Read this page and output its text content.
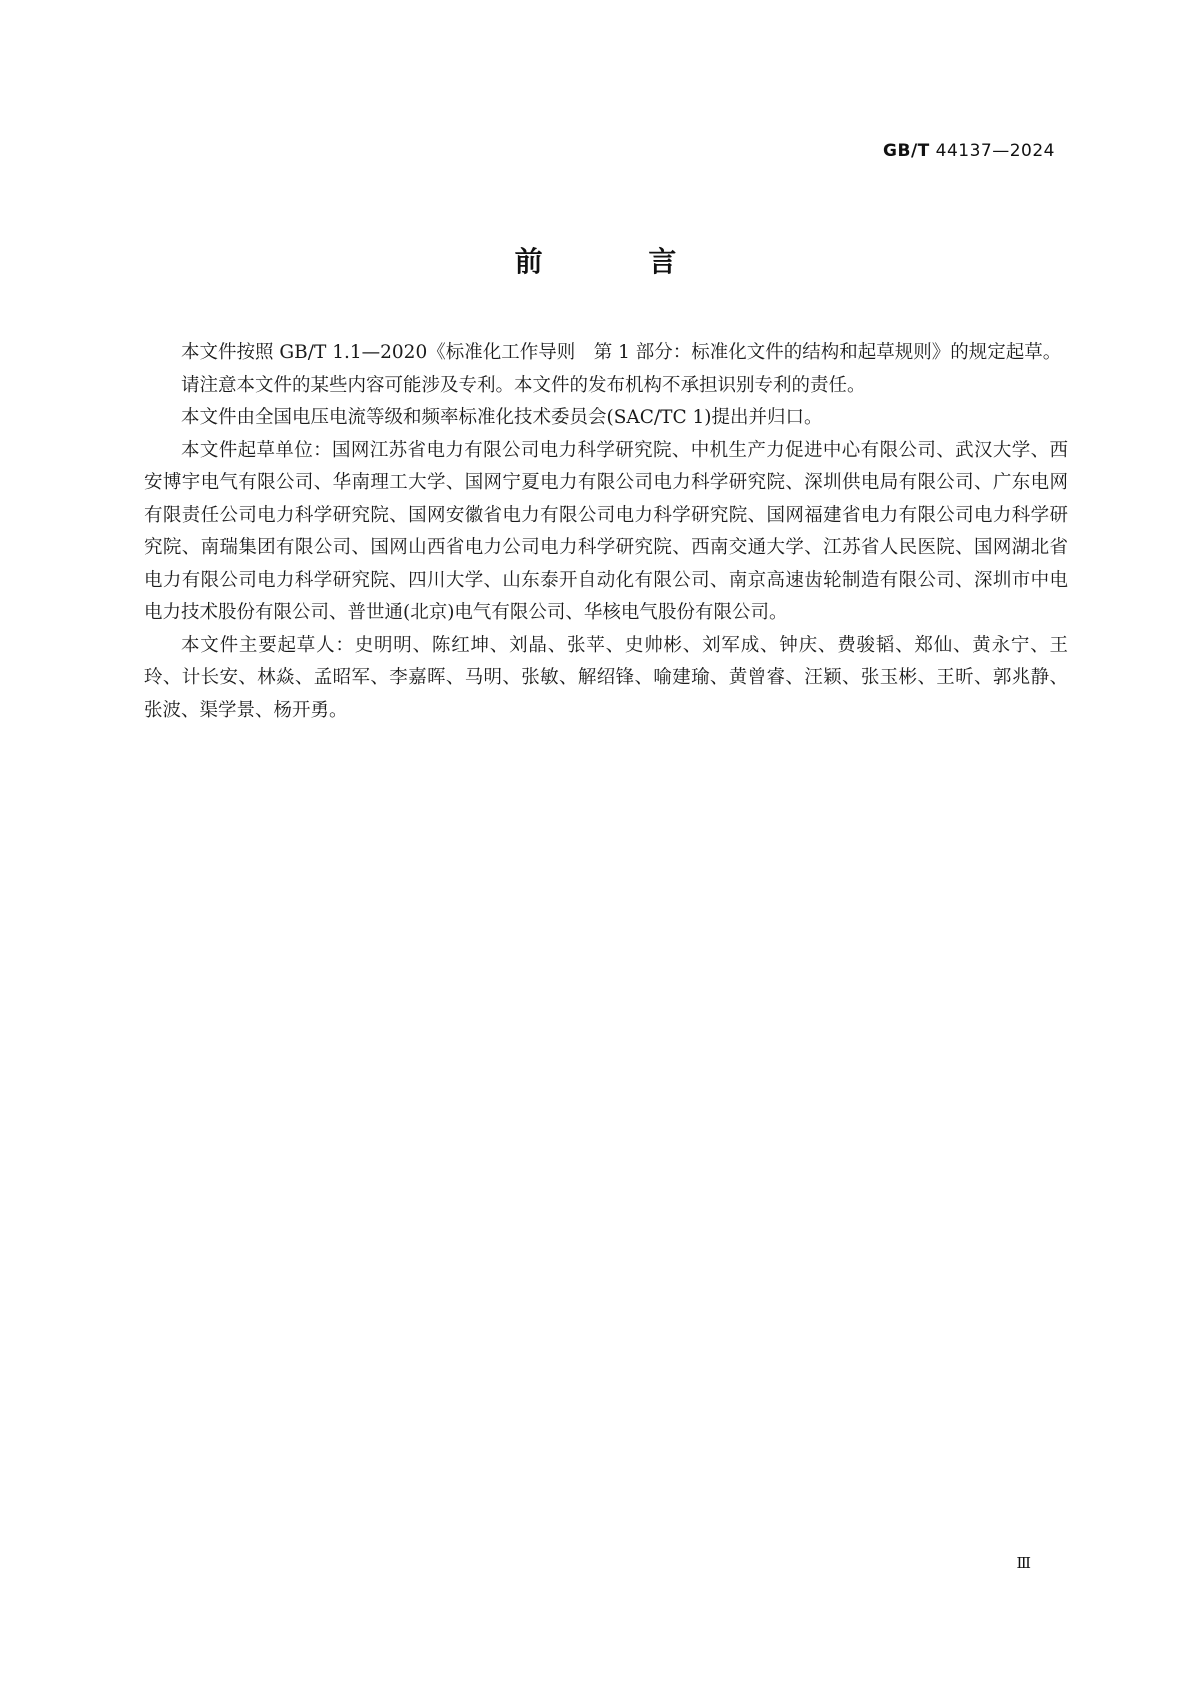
GB/T 44137—2024
前 言

本文件按照 GB/T 1.1—2020《标准化工作导则　第 1 部分：标准化文件的结构和起草规则》的规定起草。

请注意本文件的某些内容可能涉及专利。本文件的发布机构不承担识别专利的责任。

本文件由全国电压电流等级和频率标准化技术委员会(SAC/TC 1)提出并归口。

本文件起草单位：国网江苏省电力有限公司电力科学研究院、中机生产力促进中心有限公司、武汉大学、西安博宇电气有限公司、华南理工大学、国网宁夏电力有限公司电力科学研究院、深圳供电局有限公司、广东电网有限责任公司电力科学研究院、国网安徽省电力有限公司电力科学研究院、国网福建省电力有限公司电力科学研究院、南瑞集团有限公司、国网山西省电力公司电力科学研究院、西南交通大学、江苏省人民医院、国网湖北省电力有限公司电力科学研究院、四川大学、山东泰开自动化有限公司、南京高速齿轮制造有限公司、深圳市中电电力技术股份有限公司、普世通(北京)电气有限公司、华核电气股份有限公司。

本文件主要起草人：史明明、陈红坤、刘晶、张苹、史帅彬、刘军成、钟庆、费骏韬、郑仙、黄永宁、王玲、计长安、林焱、孟昭军、李嘉晖、马明、张敏、解绍锋、喻建瑜、黄曾睿、汪颖、张玉彬、王昕、郭兆静、张波、渠学景、杨开勇。

Ⅲ
